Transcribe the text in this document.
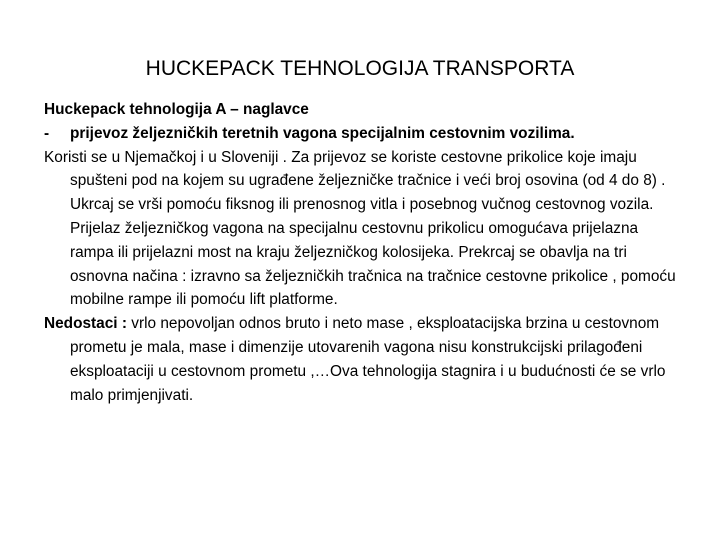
HUCKEPACK TEHNOLOGIJA TRANSPORTA

Huckepack tehnologija A – naglavce

- prijevoz željezničkih teretnih vagona specijalnim cestovnim vozilima.

Koristi se u Njemačkoj i u Sloveniji . Za prijevoz se koriste cestovne prikolice koje imaju spušteni pod na kojem su ugrađene željezničke tračnice i veći broj osovina (od 4 do 8) . Ukrcaj se vrši pomoću fiksnog ili prenosnog vitla i posebnog vučnog cestovnog vozila. Prijelaz željezničkog vagona na specijalnu cestovnu prikolicu omogućava prijelazna rampa ili prijelazni most na kraju željezničkog kolosijeka. Prekrcaj se obavlja na tri osnovna načina : izravno sa željezničkih tračnica na tračnice cestovne prikolice , pomoću mobilne rampe ili pomoću lift platforme.

Nedostaci : vrlo nepovoljan odnos bruto i neto mase , eksploatacijska brzina u cestovnom prometu je mala, mase i dimenzije utovarenih vagona nisu konstrukcijski prilagođeni eksploataciji u cestovnom prometu ,…Ova tehnologija stagnira i u budućnosti će se vrlo malo primjenjivati.
